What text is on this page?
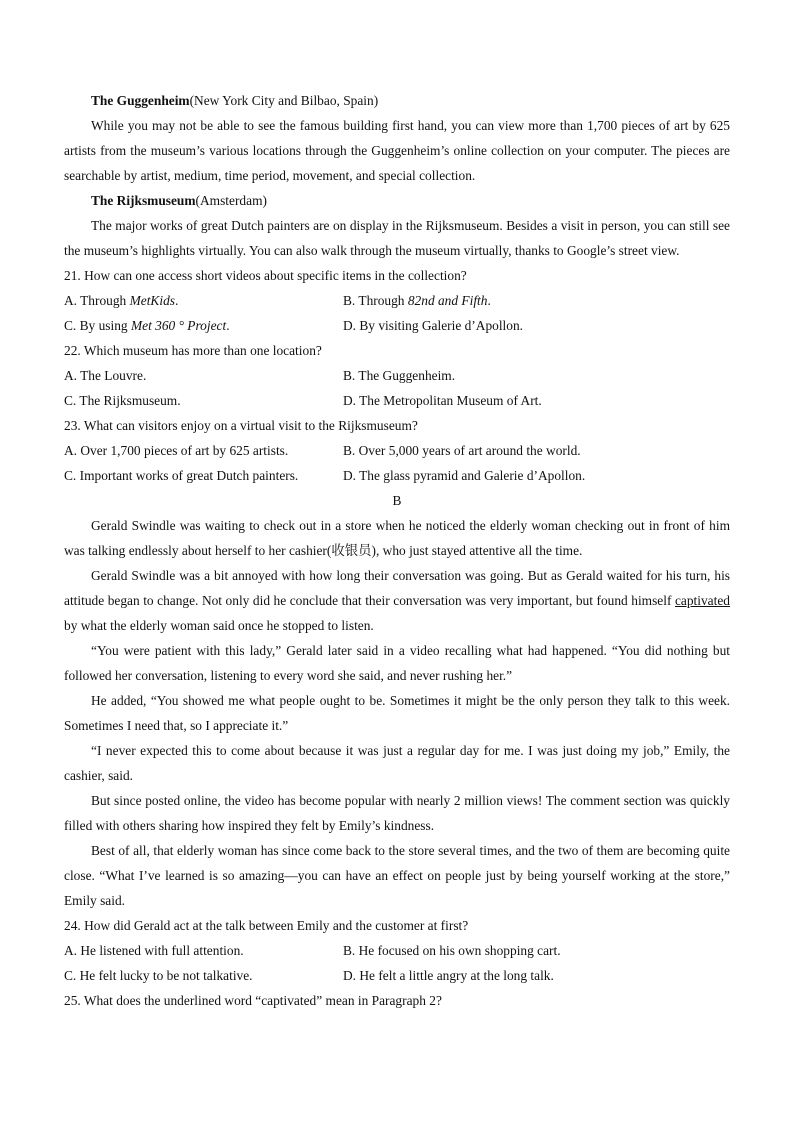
The Guggenheim(New York City and Bilbao, Spain)

While you may not be able to see the famous building first hand, you can view more than 1,700 pieces of art by 625 artists from the museum’s various locations through the Guggenheim’s online collection on your computer. The pieces are searchable by artist, medium, time period, movement, and special collection.

The Rijksmuseum(Amsterdam)

The major works of great Dutch painters are on display in the Rijksmuseum. Besides a visit in person, you can still see the museum’s highlights virtually. You can also walk through the museum virtually, thanks to Google’s street view.

21. How can one access short videos about specific items in the collection?

A. Through MetKids.	B. Through 82nd and Fifth.
C. By using Met 360 ° Project.	D. By visiting Galerie d’Apollon.

22. Which museum has more than one location?

A. The Louvre.	B. The Guggenheim.
C. The Rijksmuseum.	D. The Metropolitan Museum of Art.

23. What can visitors enjoy on a virtual visit to the Rijksmuseum?

A. Over 1,700 pieces of art by 625 artists.	B. Over 5,000 years of art around the world.
C. Important works of great Dutch painters.	D. The glass pyramid and Galerie d’Apollon.

B

Gerald Swindle was waiting to check out in a store when he noticed the elderly woman checking out in front of him was talking endlessly about herself to her cashier(收银员), who just stayed attentive all the time.

Gerald Swindle was a bit annoyed with how long their conversation was going. But as Gerald waited for his turn, his attitude began to change. Not only did he conclude that their conversation was very important, but found himself captivated by what the elderly woman said once he stopped to listen.

“You were patient with this lady,” Gerald later said in a video recalling what had happened. “You did nothing but followed her conversation, listening to every word she said, and never rushing her.”

He added, “You showed me what people ought to be. Sometimes it might be the only person they talk to this week. Sometimes I need that, so I appreciate it.”

“I never expected this to come about because it was just a regular day for me. I was just doing my job,” Emily, the cashier, said.

But since posted online, the video has become popular with nearly 2 million views! The comment section was quickly filled with others sharing how inspired they felt by Emily’s kindness.

Best of all, that elderly woman has since come back to the store several times, and the two of them are becoming quite close. “What I’ve learned is so amazing—you can have an effect on people just by being yourself working at the store,” Emily said.

24. How did Gerald act at the talk between Emily and the customer at first?

A. He listened with full attention.	B. He focused on his own shopping cart.
C. He felt lucky to be not talkative.	D. He felt a little angry at the long talk.

25. What does the underlined word “captivated” mean in Paragraph 2?
